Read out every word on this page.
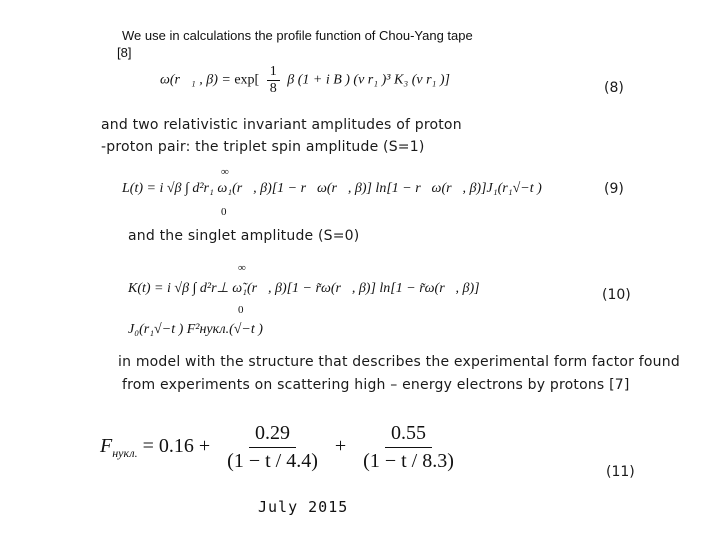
We use in calculations the profile function of Chou-Yang tape
[8]
ω(r⃗₁ , $\beta) = \exp[ \frac{1}{8}$ β (1 + i B ) (ν r₁ )³ K₃ (ν r₁ )]	(8)
and two relativistic invariant amplitudes of proton
-proton pair: the triplet spin amplitude (S=1)
∞
0
L(t) = i √β ∫ d²r₁ ω₁(r⃗, β)[1 − r⃗ω(r⃗, β)] ln[1 − r⃗ω(r⃗, β)]J₁(r₁√−t )	(9)
and the singlet amplitude (S=0)
∞
0
K(t) = i √β ∫ d²r⊥ ω̃₁(r⃗, β)[1 − r̃ω(r⃗, β)] ln[1 − r̃ω(r⃗, β)]
J₀(r₁√−t ) F²нукл.(√−t )
(10)
in model with the structure that describes the experimental form factor found
from experiments on scattering high – energy electrons by protons [7]
$F_{нукл.} = 0.16 + \frac{0.29}{(1 - t / 4.4)} + \frac{0.55}{(1 - t / 8.3)}$	(11)
July 2015
